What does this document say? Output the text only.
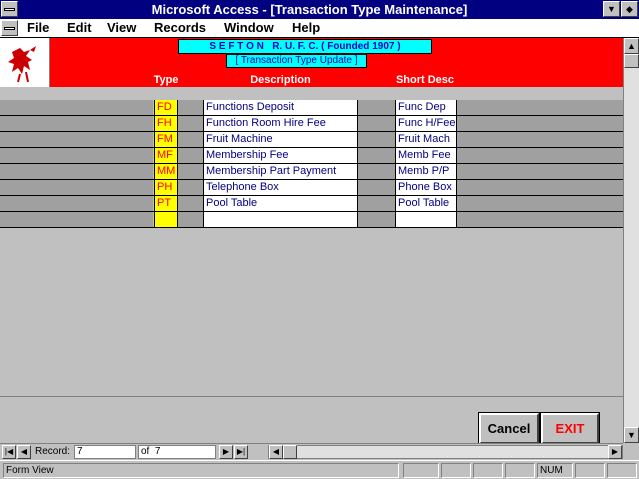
Microsoft Access - [Transaction Type Maintenance]	▼	◆
File Edit View Records Window Help
S E F T O N   R. U. F. C. ( Founded 1907 )
[ Transaction Type Update ]
Type	Description	Short Desc
FD	Functions Deposit	Func Dep
FH	Function Room Hire Fee	Func H/Fee
FM	Fruit Machine	Fruit Mach
MF	Membership Fee	Memb Fee
MM	Membership Part Payment	Memb P/P
PH	Telephone Box	Phone Box
PT	Pool Table	Pool Table
Cancel	EXIT
▲
▼
|◀ ◀ Record: 7	of 7	▶ ▶|	◀	▶
Form View	NUM
